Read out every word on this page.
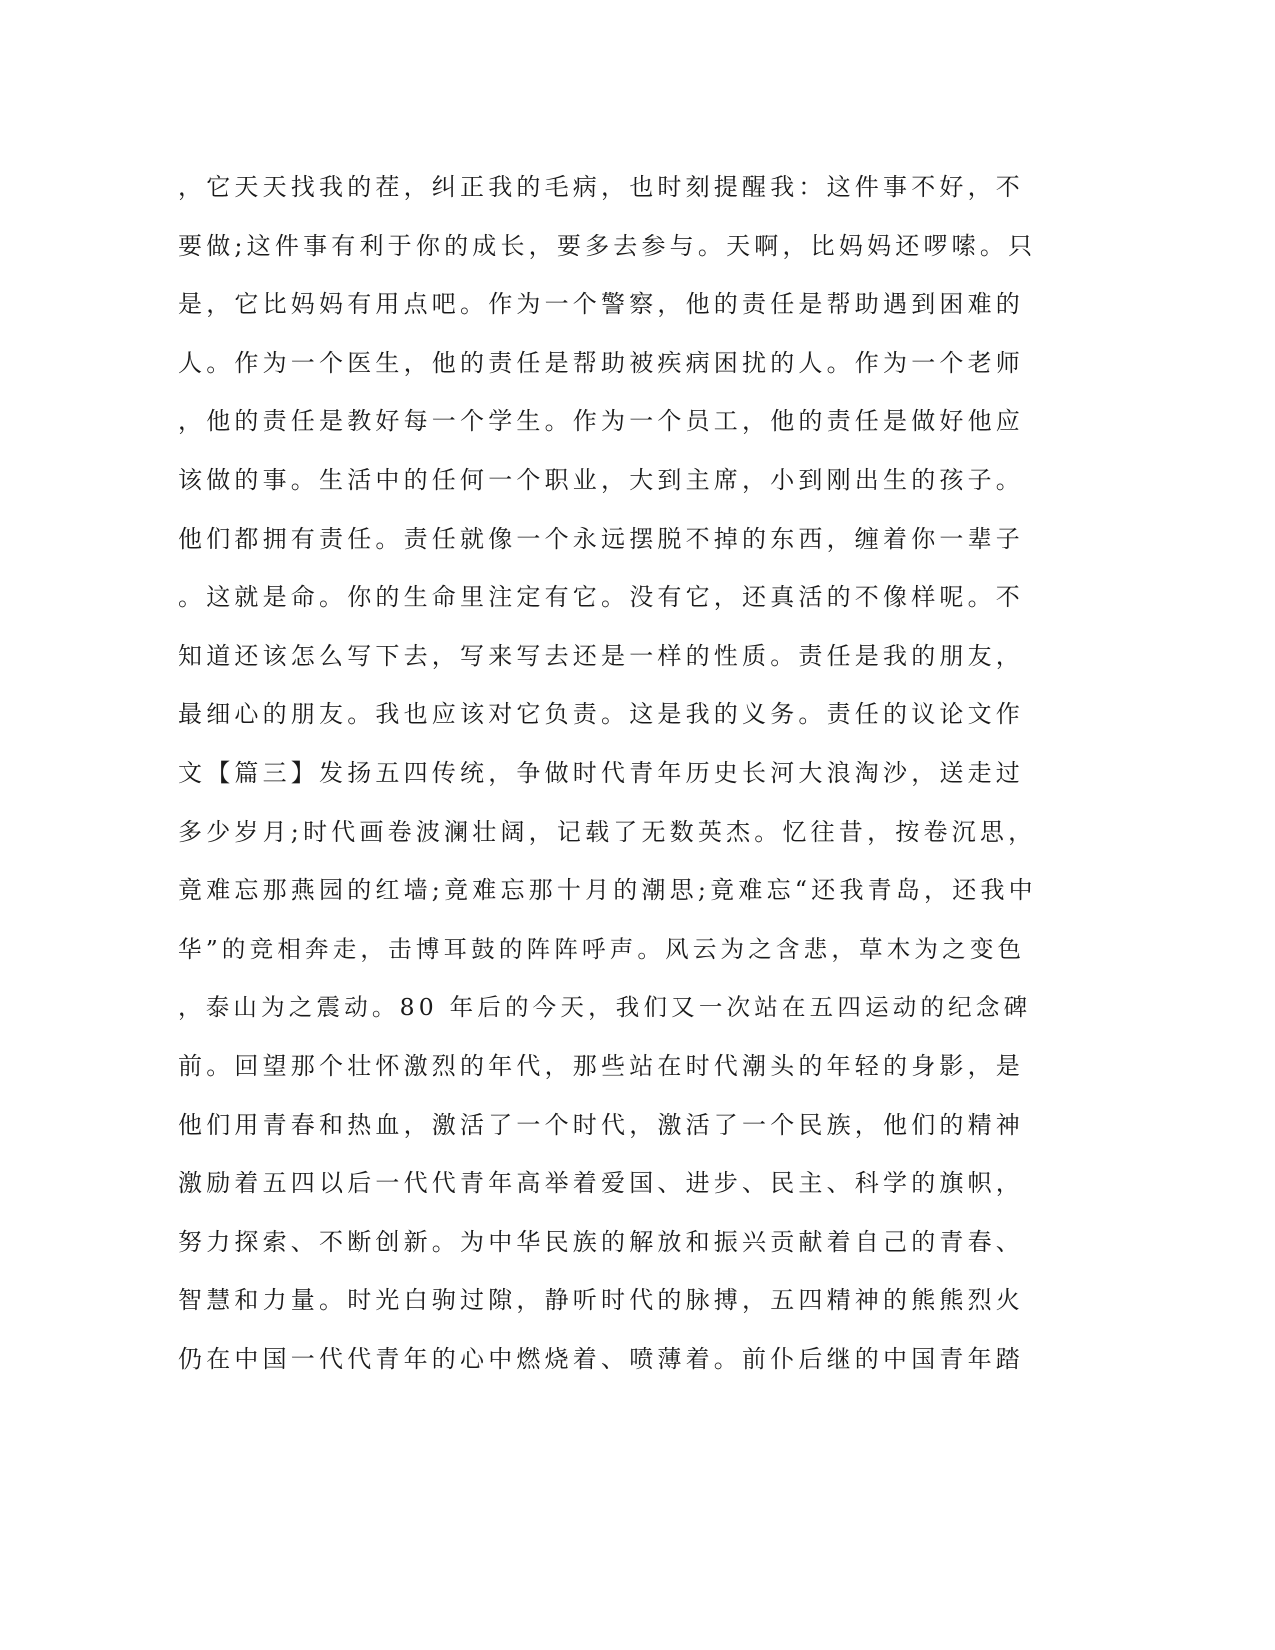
，它天天找我的茬，纠正我的毛病，也时刻提醒我：这件事不好，不
要做;这件事有利于你的成长，要多去参与。天啊，比妈妈还啰嗦。只
是，它比妈妈有用点吧。作为一个警察，他的责任是帮助遇到困难的
人。作为一个医生，他的责任是帮助被疾病困扰的人。作为一个老师
，他的责任是教好每一个学生。作为一个员工，他的责任是做好他应
该做的事。生活中的任何一个职业，大到主席，小到刚出生的孩子。
他们都拥有责任。责任就像一个永远摆脱不掉的东西，缠着你一辈子
。这就是命。你的生命里注定有它。没有它，还真活的不像样呢。不
知道还该怎么写下去，写来写去还是一样的性质。责任是我的朋友，
最细心的朋友。我也应该对它负责。这是我的义务。责任的议论文作
文【篇三】发扬五四传统，争做时代青年历史长河大浪淘沙，送走过
多少岁月;时代画卷波澜壮阔，记载了无数英杰。忆往昔，按卷沉思，
竟难忘那燕园的红墙;竟难忘那十月的潮思;竟难忘“还我青岛，还我中
华”的竞相奔走，击博耳鼓的阵阵呼声。风云为之含悲，草木为之变色
，泰山为之震动。80 年后的今天，我们又一次站在五四运动的纪念碑
前。回望那个壮怀激烈的年代，那些站在时代潮头的年轻的身影，是
他们用青春和热血，激活了一个时代，激活了一个民族，他们的精神
激励着五四以后一代代青年高举着爱国、进步、民主、科学的旗帜，
努力探索、不断创新。为中华民族的解放和振兴贡献着自己的青春、
智慧和力量。时光白驹过隙，静听时代的脉搏，五四精神的熊熊烈火
仍在中国一代代青年的心中燃烧着、喷薄着。前仆后继的中国青年踏
